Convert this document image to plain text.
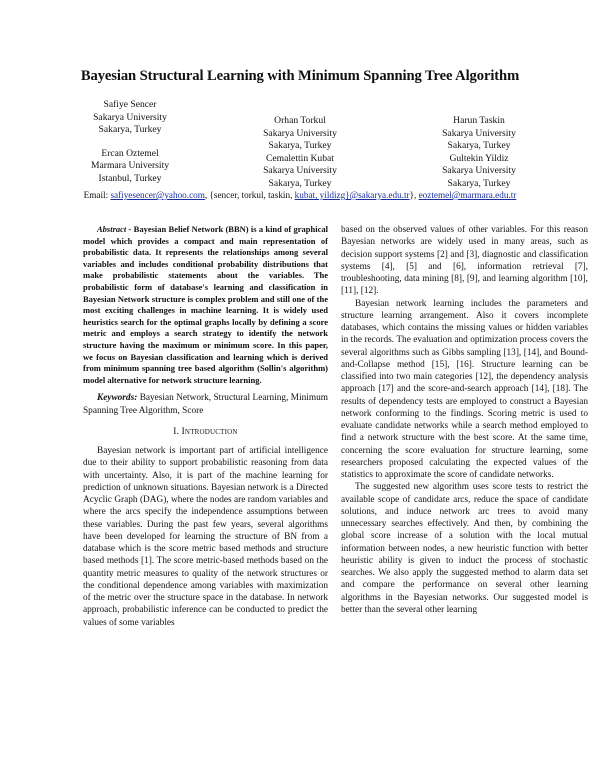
Bayesian Structural Learning with Minimum Spanning Tree Algorithm
Safiye Sencer
Sakarya University
Sakarya, Turkey
Ercan Oztemel
Marmara University
Istanbul, Turkey
Orhan Torkul
Sakarya University
Sakarya, Turkey
Cemalettin Kubat
Sakarya University
Sakarya, Turkey
Harun Taskin
Sakarya University
Sakarya, Turkey
Gultekin Yildiz
Sakarya University
Sakarya, Turkey
Email: safiyesencer@yahoo.com, {sencer, torkul, taskin, kubat, yildizg}@sakarya.edu.tr}, eoztemel@marmara.edu.tr

Abstract - Bayesian Belief Network (BBN) is a kind of graphical model which provides a compact and main representation of probabilistic data. It represents the relationships among several variables and includes conditional probability distributions that make probabilistic statements about the variables. The probabilistic form of database's learning and classification in Bayesian Network structure is complex problem and still one of the most exciting challenges in machine learning. It is widely used heuristics search for the optimal graphs locally by defining a score metric and employs a search strategy to identify the network structure having the maximum or minimum score. In this paper, we focus on Bayesian classification and learning which is derived from minimum spanning tree based algorithm (Sollin's algorithm) model alternative for network structure learning.

Keywords: Bayesian Network, Structural Learning, Minimum Spanning Tree Algorithm, Score

I. Introduction

Bayesian network is important part of artificial intelligence due to their ability to support probabilistic reasoning from data with uncertainty. Also, it is part of the machine learning for prediction of unknown situations. Bayesian network is a Directed Acyclic Graph (DAG), where the nodes are random variables and where the arcs specify the independence assumptions between these variables. During the past few years, several algorithms have been developed for learning the structure of BN from a database which is the score metric based methods and structure based methods [1]. The score metric-based methods based on the quantity metric measures to quality of the network structures or the conditional dependence among variables with maximization of the metric over the structure space in the database. In network approach, probabilistic inference can be conducted to predict the values of some variables

based on the observed values of other variables. For this reason Bayesian networks are widely used in many areas, such as decision support systems [2] and [3], diagnostic and classification systems [4], [5] and [6], information retrieval [7], troubleshooting, data mining [8], [9], and learning algorithm [10], [11], [12].

Bayesian network learning includes the parameters and structure learning arrangement. Also it covers incomplete databases, which contains the missing values or hidden variables in the records. The evaluation and optimization process covers the several algorithms such as Gibbs sampling [13], [14], and Bound-and-Collapse method [15], [16]. Structure learning can be classified into two main categories [12], the dependency analysis approach [17] and the score-and-search approach [14], [18]. The results of dependency tests are employed to construct a Bayesian network conforming to the findings. Scoring metric is used to evaluate candidate networks while a search method employed to find a network structure with the best score. At the same time, concerning the score evaluation for structure learning, some researchers proposed calculating the expected values of the statistics to approximate the score of candidate networks.

The suggested new algorithm uses score tests to restrict the available scope of candidate arcs, reduce the space of candidate solutions, and induce network arc trees to avoid many unnecessary searches effectively. And then, by combining the global score increase of a solution with the local mutual information between nodes, a new heuristic function with better heuristic ability is given to induct the process of stochastic searches. We also apply the suggested method to alarm data set and compare the performance on several other learning algorithms in the Bayesian networks. Our suggested model is better than the several other learning
